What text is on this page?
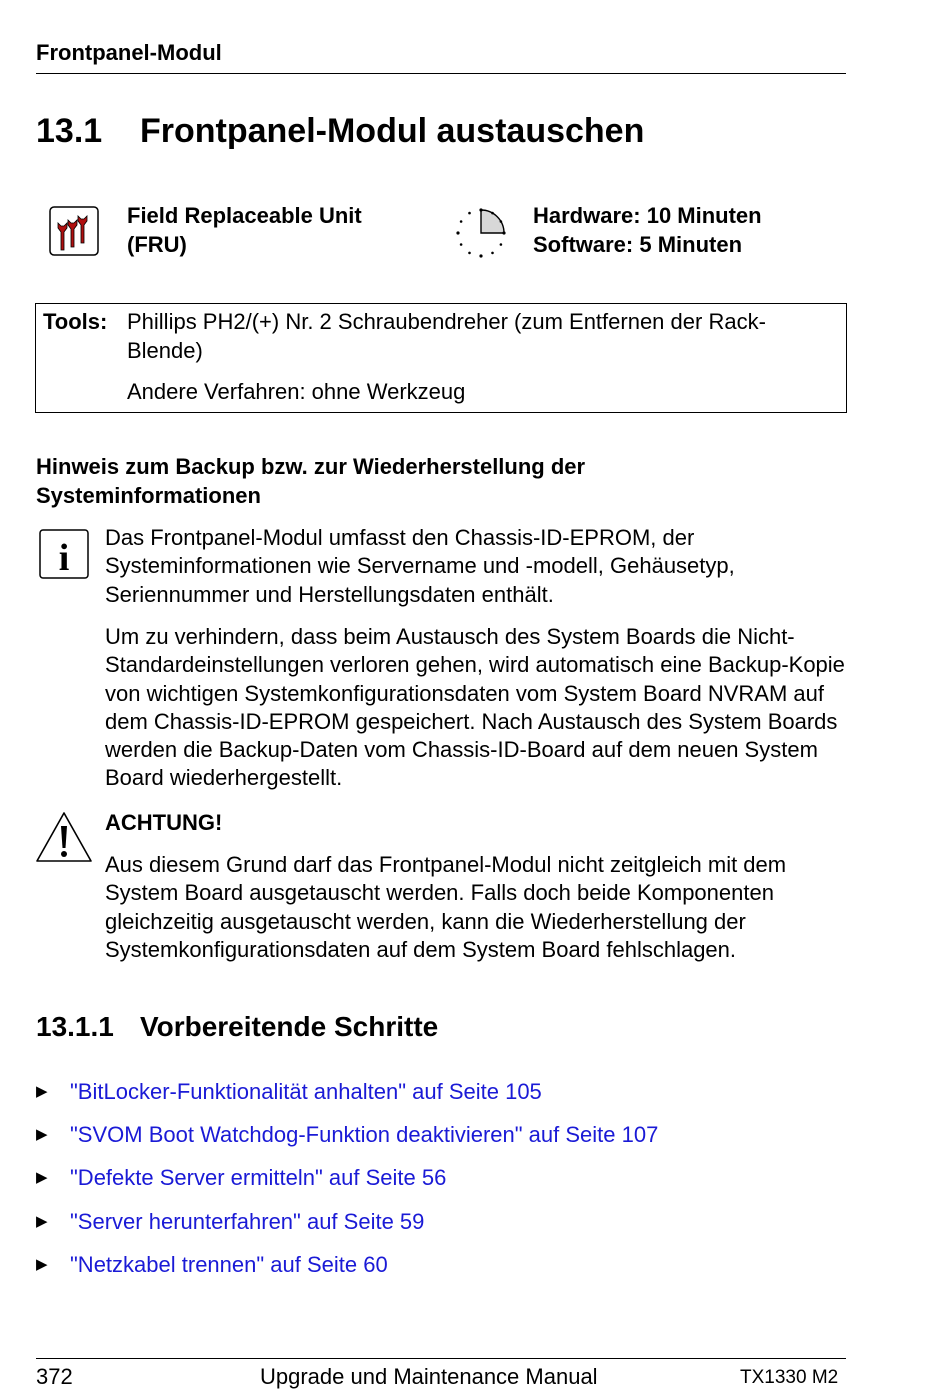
Frontpanel-Modul
13.1 Frontpanel-Modul austauschen
Field Replaceable Unit
(FRU)
Hardware: 10 Minuten
Software: 5 Minuten
Tools: Phillips PH2/(+) Nr. 2 Schraubendreher (zum Entfernen der Rack-Blende)
Andere Verfahren: ohne Werkzeug
Hinweis zum Backup bzw. zur Wiederherstellung der Systeminformationen
i Das Frontpanel-Modul umfasst den Chassis-ID-EPROM, der Systeminformationen wie Servername und -modell, Gehäusetyp, Seriennummer und Herstellungsdaten enthält.
Um zu verhindern, dass beim Austausch des System Boards die Nicht-Standardeinstellungen verloren gehen, wird automatisch eine Backup-Kopie von wichtigen Systemkonfigurationsdaten vom System Board NVRAM auf dem Chassis-ID-EPROM gespeichert. Nach Austausch des System Boards werden die Backup-Daten vom Chassis-ID-Board auf dem neuen System Board wiederhergestellt.
ACHTUNG!
Aus diesem Grund darf das Frontpanel-Modul nicht zeitgleich mit dem System Board ausgetauscht werden. Falls doch beide Komponenten gleichzeitig ausgetauscht werden, kann die Wiederherstellung der Systemkonfigurationsdaten auf dem System Board fehlschlagen.
13.1.1 Vorbereitende Schritte
▶	"BitLocker-Funktionalität anhalten" auf Seite 105
▶	"SVOM Boot Watchdog-Funktion deaktivieren" auf Seite 107
▶	"Defekte Server ermitteln" auf Seite 56
▶	"Server herunterfahren" auf Seite 59
▶	"Netzkabel trennen" auf Seite 60
372	Upgrade und Maintenance Manual	TX1330 M2
